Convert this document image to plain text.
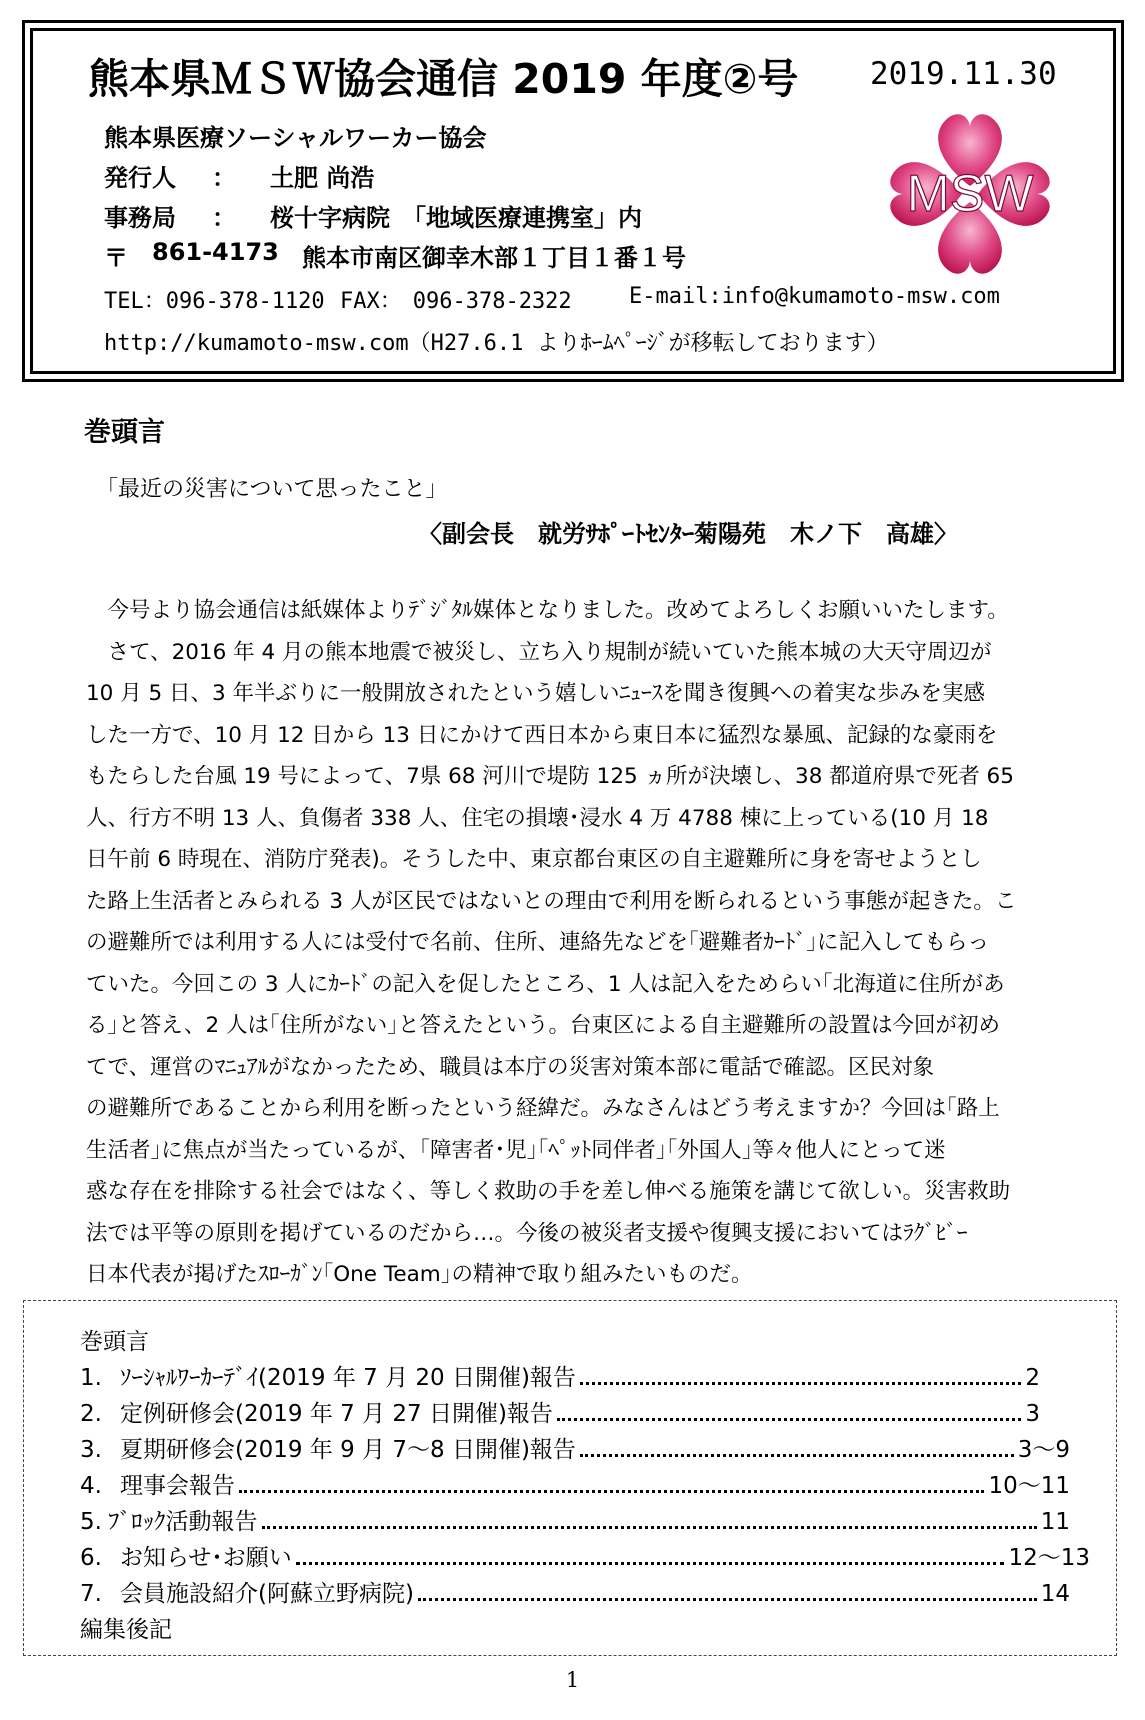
熊本県ＭＳＷ協会通信 2019 年度②号 2019.11.30
熊本県医療ソーシャルワーカー協会
発行人 ： 土肥 尚浩
事務局 ： 桜十字病院　「地域医療連携室」内
〒 861-4173 熊本市南区御幸木部１丁目１番１号
TEL：096-378-1120 FAX：　096-378-2322	E-mail:info@kumamoto-msw.com
http://kumamoto-msw.com（H27.6.1 よりﾎｰﾑﾍﾟｰｼﾞが移転しております）
MSW
巻頭言
「最近の災害について思ったこと」
〈副会長　就労ｻﾎﾟｰﾄｾﾝﾀｰ菊陽苑　木ノ下　高雄〉
　今号より協会通信は紙媒体よりﾃﾞｼﾞﾀﾙ媒体となりました。改めてよろしくお願いいたします。
　さて、2016 年 4 月の熊本地震で被災し、立ち入り規制が続いていた熊本城の大天守周辺が
10 月 5 日、3 年半ぶりに一般開放されたという嬉しいﾆｭｰｽを聞き復興への着実な歩みを実感
した一方で、10 月 12 日から 13 日にかけて西日本から東日本に猛烈な暴風、記録的な豪雨を
もたらした台風 19 号によって、7県 68 河川で堤防 125 ヵ所が決壊し、38 都道府県で死者 65
人、行方不明 13 人、負傷者 338 人、住宅の損壊･浸水 4 万 4788 棟に上っている(10 月 18
日午前 6 時現在、消防庁発表)。そうした中、東京都台東区の自主避難所に身を寄せようとし
た路上生活者とみられる 3 人が区民ではないとの理由で利用を断られるという事態が起きた。こ
の避難所では利用する人には受付で名前、住所、連絡先などを｢避難者ｶｰﾄﾞ｣に記入してもらっ
ていた。今回この 3 人にｶｰﾄﾞの記入を促したところ、1 人は記入をためらい｢北海道に住所があ
る｣と答え、2 人は｢住所がない｣と答えたという。台東区による自主避難所の設置は今回が初め
てで、運営のﾏﾆｭｱﾙがなかったため、職員は本庁の災害対策本部に電話で確認。区民対象
の避難所であることから利用を断ったという経緯だ。みなさんはどう考えますか？今回は｢路上
生活者｣に焦点が当たっているが、｢障害者･児｣｢ﾍﾟｯﾄ同伴者｣｢外国人｣等々他人にとって迷
惑な存在を排除する社会ではなく、等しく救助の手を差し伸べる施策を講じて欲しい。災害救助
法では平等の原則を掲げているのだから…。今後の被災者支援や復興支援においてはﾗｸﾞﾋﾞｰ
日本代表が掲げたｽﾛｰｶﾞﾝ｢One Team｣の精神で取り組みたいものだ。
巻頭言
1. ｿｰｼｬﾙﾜｰｶｰﾃﾞｲ(2019 年 7 月 20 日開催)報告	2
2. 定例研修会(2019 年 7 月 27 日開催)報告	3
3. 夏期研修会(2019 年 9 月 7～8 日開催)報告	3～9
4. 理事会報告	10～11
5. ﾌﾞﾛｯｸ活動報告	11
6. お知らせ･お願い	12～13
7. 会員施設紹介(阿蘇立野病院)	14
編集後記
1
